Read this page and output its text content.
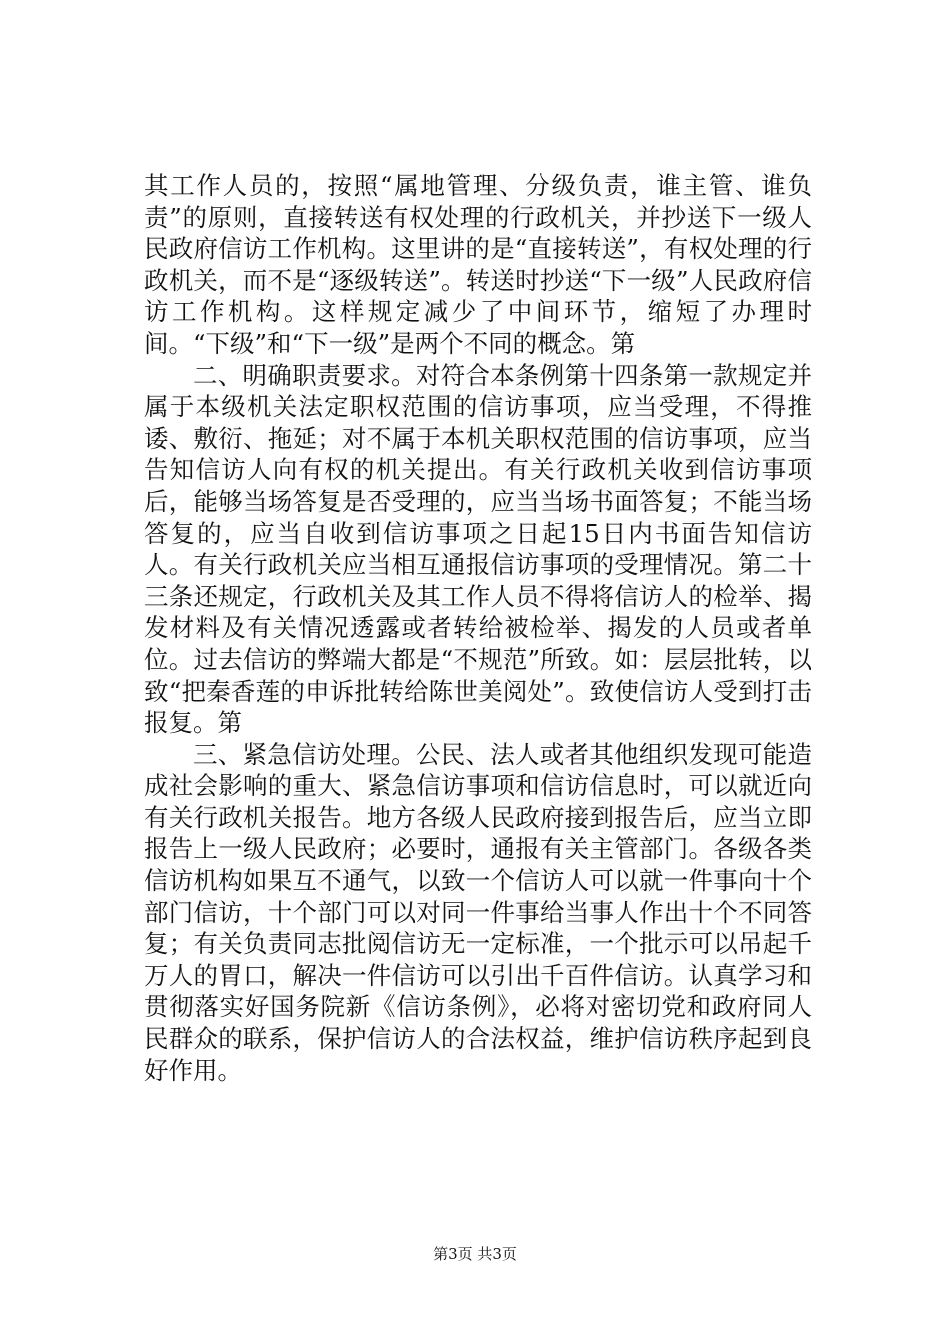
其工作人员的，按照“属地管理、分级负责，谁主管、谁负责”的原则，直接转送有权处理的行政机关，并抄送下一级人民政府信访工作机构。这里讲的是“直接转送”，有权处理的行政机关，而不是“逐级转送”。转送时抄送“下一级”人民政府信访工作机构。这样规定减少了中间环节，缩短了办理时间。“下级”和“下一级”是两个不同的概念。第

二、明确职责要求。对符合本条例第十四条第一款规定并属于本级机关法定职权范围的信访事项，应当受理，不得推诿、敷衍、拖延；对不属于本机关职权范围的信访事项，应当告知信访人向有权的机关提出。有关行政机关收到信访事项后，能够当场答复是否受理的，应当当场书面答复；不能当场答复的，应当自收到信访事项之日起15日内书面告知信访人。有关行政机关应当相互通报信访事项的受理情况。第二十三条还规定，行政机关及其工作人员不得将信访人的检举、揭发材料及有关情况透露或者转给被检举、揭发的人员或者单位。过去信访的弊端大都是“不规范”所致。如：层层批转，以致“把秦香莲的申诉批转给陈世美阅处”。致使信访人受到打击报复。第

三、紧急信访处理。公民、法人或者其他组织发现可能造成社会影响的重大、紧急信访事项和信访信息时，可以就近向有关行政机关报告。地方各级人民政府接到报告后，应当立即报告上一级人民政府；必要时，通报有关主管部门。各级各类信访机构如果互不通气，以致一个信访人可以就一件事向十个部门信访，十个部门可以对同一件事给当事人作出十个不同答复；有关负责同志批阅信访无一定标准，一个批示可以吊起千万人的胃口，解决一件信访可以引出千百件信访。认真学习和贯彻落实好国务院新《信访条例》，必将对密切党和政府同人民群众的联系，保护信访人的合法权益，维护信访秩序起到良好作用。

第3页 共3页
